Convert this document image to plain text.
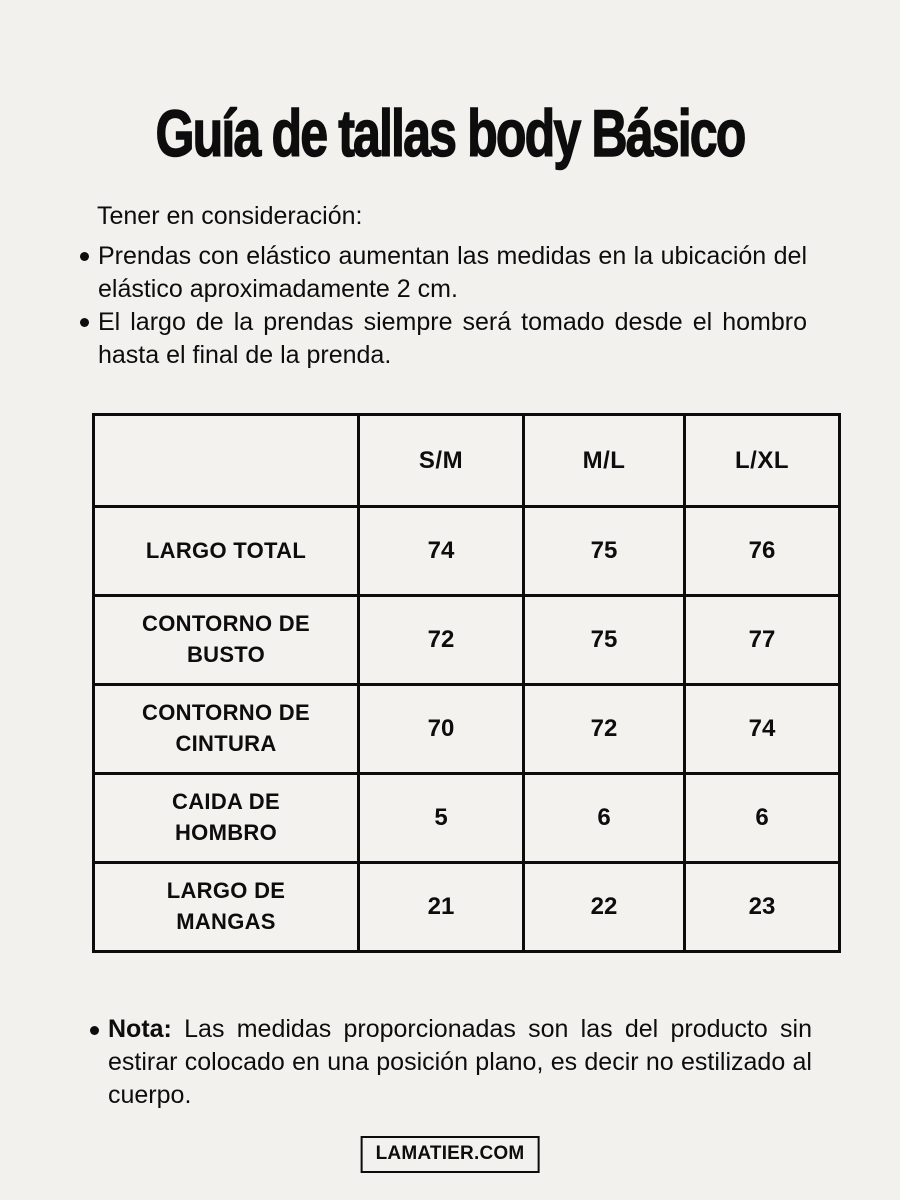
Guía de tallas body Básico

Tener en consideración:

Prendas con elástico aumentan las medidas en la ubicación del elástico aproximadamente 2 cm.

El largo de la prendas siempre será tomado desde el hombro hasta el final de la prenda.

	S/M	M/L	L/XL
LARGO TOTAL	74	75	76
CONTORNO DE BUSTO	72	75	77
CONTORNO DE CINTURA	70	72	74
CAIDA DE HOMBRO	5	6	6
LARGO DE MANGAS	21	22	23

Nota: Las medidas proporcionadas son las del producto sin estirar colocado en una posición plano, es decir no estilizado al cuerpo.

LAMATIER.COM
